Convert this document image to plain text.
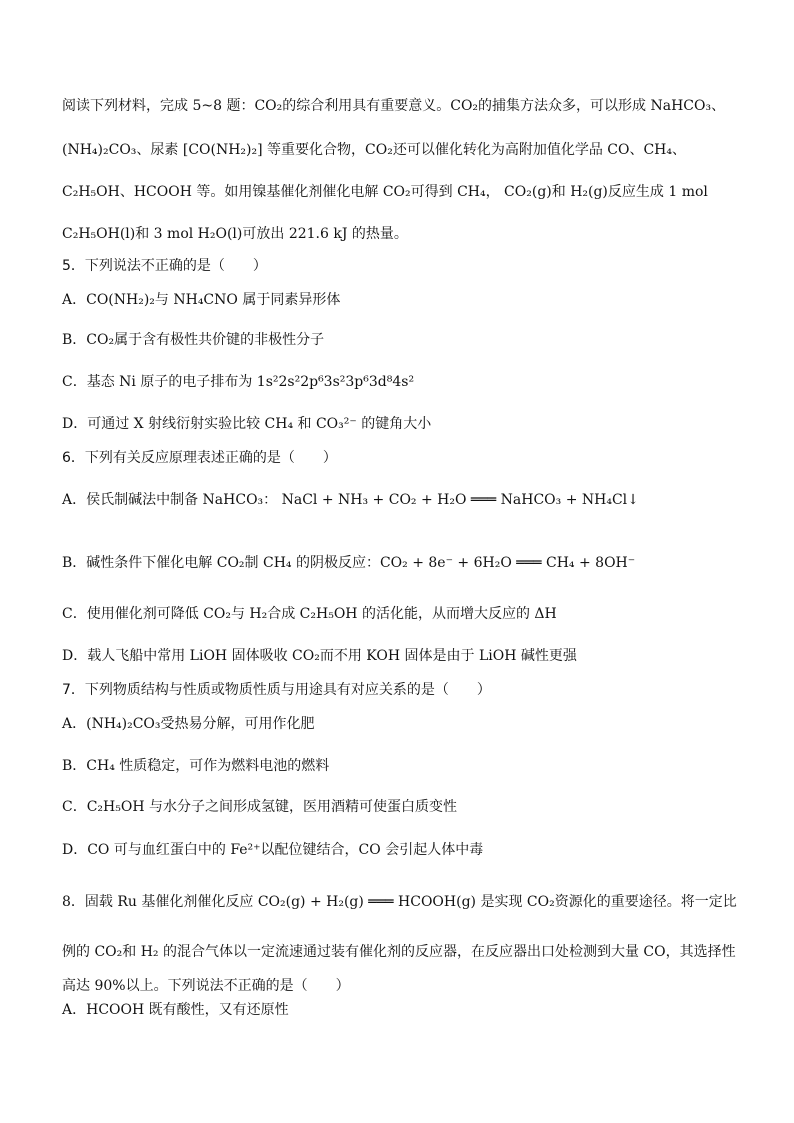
阅读下列材料，完成 5~8 题：CO₂的综合利用具有重要意义。CO₂的捕集方法众多，可以形成 NaHCO₃、
(NH₄)₂CO₃、尿素 [CO(NH₂)₂] 等重要化合物，CO₂还可以催化转化为高附加值化学品 CO、CH₄、
C₂H₅OH、HCOOH 等。如用镍基催化剂催化电解 CO₂可得到 CH₄， CO₂(g)和 H₂(g)反应生成 1 mol
C₂H₅OH(l)和 3 mol H₂O(l)可放出 221.6 kJ 的热量。
5．下列说法不正确的是（　　）
A．CO(NH₂)₂与 NH₄CNO 属于同素异形体
B．CO₂属于含有极性共价键的非极性分子
C．基态 Ni 原子的电子排布为 1s²2s²2p⁶3s²3p⁶3d⁸4s²
D．可通过 X 射线衍射实验比较 CH₄ 和 CO₃²⁻ 的键角大小
6．下列有关反应原理表述正确的是（　　）
A．侯氏制碱法中制备 NaHCO₃： NaCl + NH₃ + CO₂ + H₂O ═══ NaHCO₃ + NH₄Cl↓
B．碱性条件下催化电解 CO₂制 CH₄ 的阴极反应：CO₂ + 8e⁻ + 6H₂O ═══ CH₄ + 8OH⁻
C．使用催化剂可降低 CO₂与 H₂合成 C₂H₅OH 的活化能，从而增大反应的 ΔH
D．载人飞船中常用 LiOH 固体吸收 CO₂而不用 KOH 固体是由于 LiOH 碱性更强
7．下列物质结构与性质或物质性质与用途具有对应关系的是（　　）
A．(NH₄)₂CO₃受热易分解，可用作化肥
B．CH₄ 性质稳定，可作为燃料电池的燃料
C．C₂H₅OH 与水分子之间形成氢键，医用酒精可使蛋白质变性
D．CO 可与血红蛋白中的 Fe²⁺以配位键结合，CO 会引起人体中毒
8．固载 Ru 基催化剂催化反应 CO₂(g) + H₂(g) ═══ HCOOH(g) 是实现 CO₂资源化的重要途径。将一定比
例的 CO₂和 H₂ 的混合气体以一定流速通过装有催化剂的反应器，在反应器出口处检测到大量 CO，其选择性
高达 90%以上。下列说法不正确的是（　　）
A．HCOOH 既有酸性，又有还原性
